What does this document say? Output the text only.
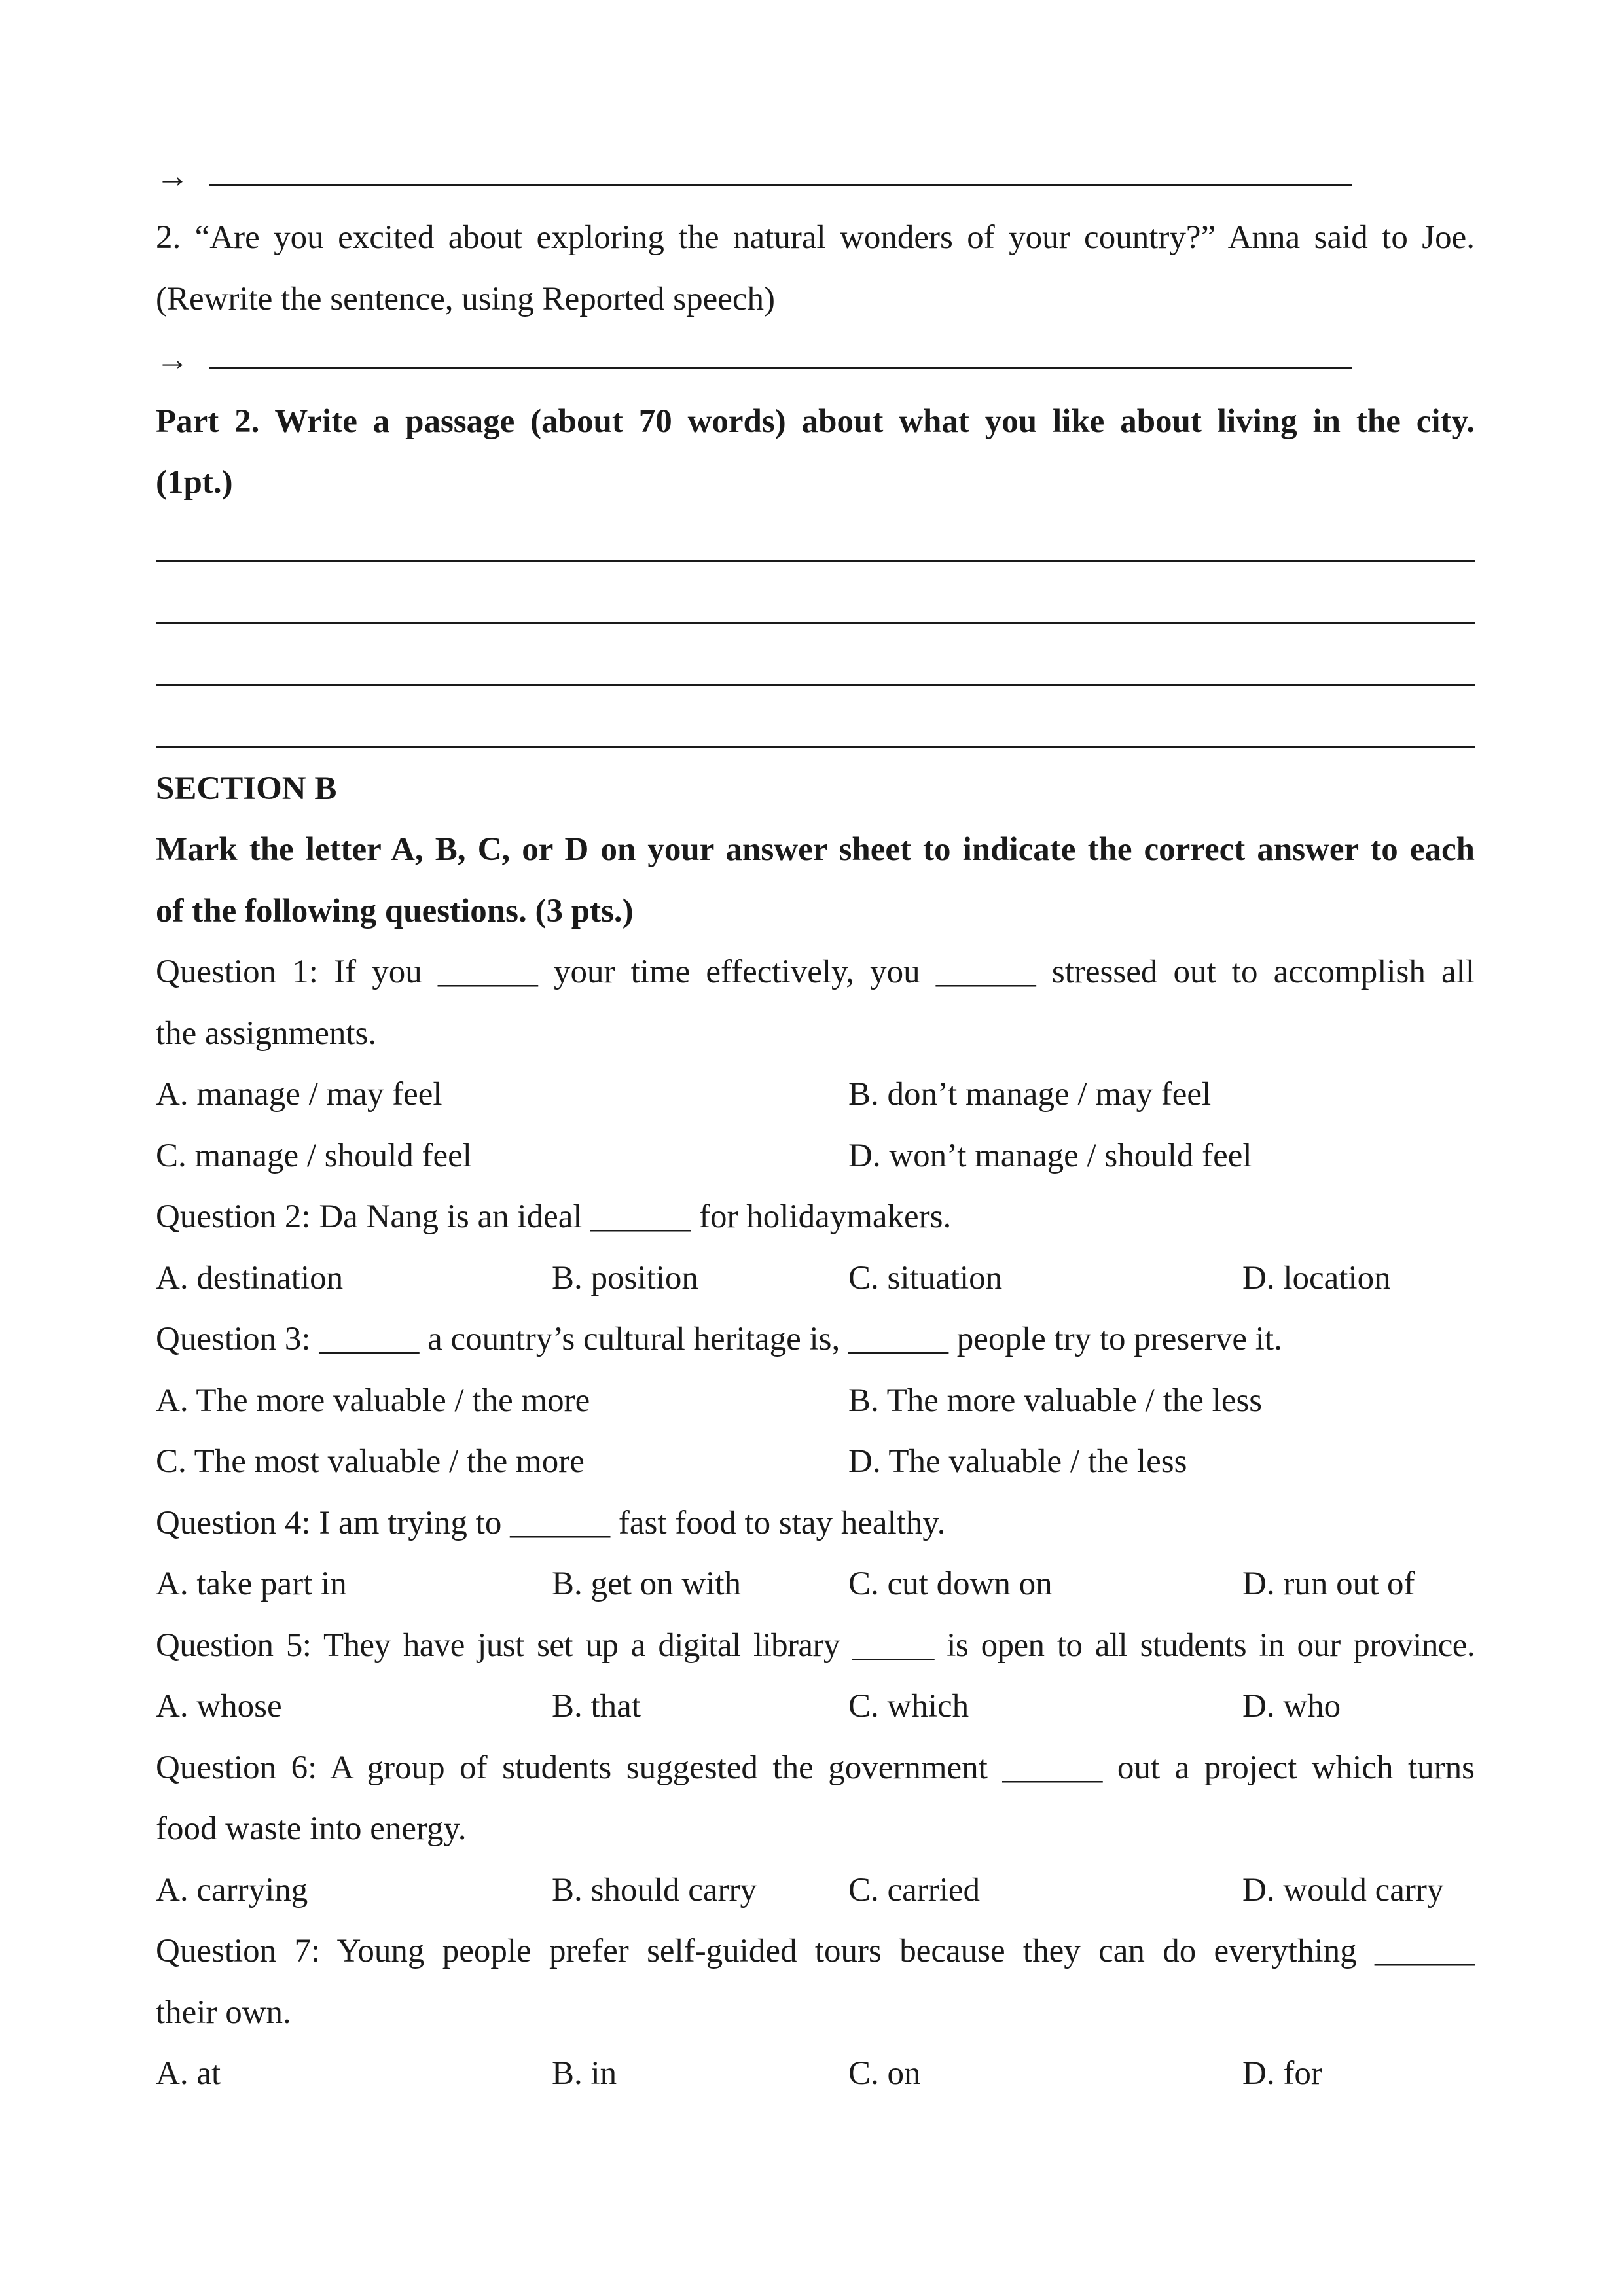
→
2. “Are you excited about exploring the natural wonders of your country?” Anna said to Joe.
(Rewrite the sentence, using Reported speech)
→
Part 2. Write a passage (about 70 words) about what you like about living in the city.
(1pt.)
SECTION B
Mark the letter A, B, C, or D on your answer sheet to indicate the correct answer to each
of the following questions. (3 pts.)
Question 1: If you ______ your time effectively, you ______ stressed out to accomplish all
the assignments.
A. manage / may feel	B. don’t manage / may feel
C. manage / should feel	D. won’t manage / should feel
Question 2: Da Nang is an ideal ______ for holidaymakers.
A. destination	B. position	C. situation	D. location
Question 3: ______ a country’s cultural heritage is, ______ people try to preserve it.
A. The more valuable / the more	B. The more valuable / the less
C. The most valuable / the more	D. The valuable / the less
Question 4: I am trying to ______ fast food to stay healthy.
A. take part in	B. get on with	C. cut down on	D. run out of
Question 5: They have just set up a digital library _____ is open to all students in our province.
A. whose	B. that	C. which	D. who
Question 6: A group of students suggested the government ______ out a project which turns
food waste into energy.
A. carrying	B. should carry	C. carried	D. would carry
Question 7: Young people prefer self-guided tours because they can do everything ______
their own.
A. at	B. in	C. on	D. for
